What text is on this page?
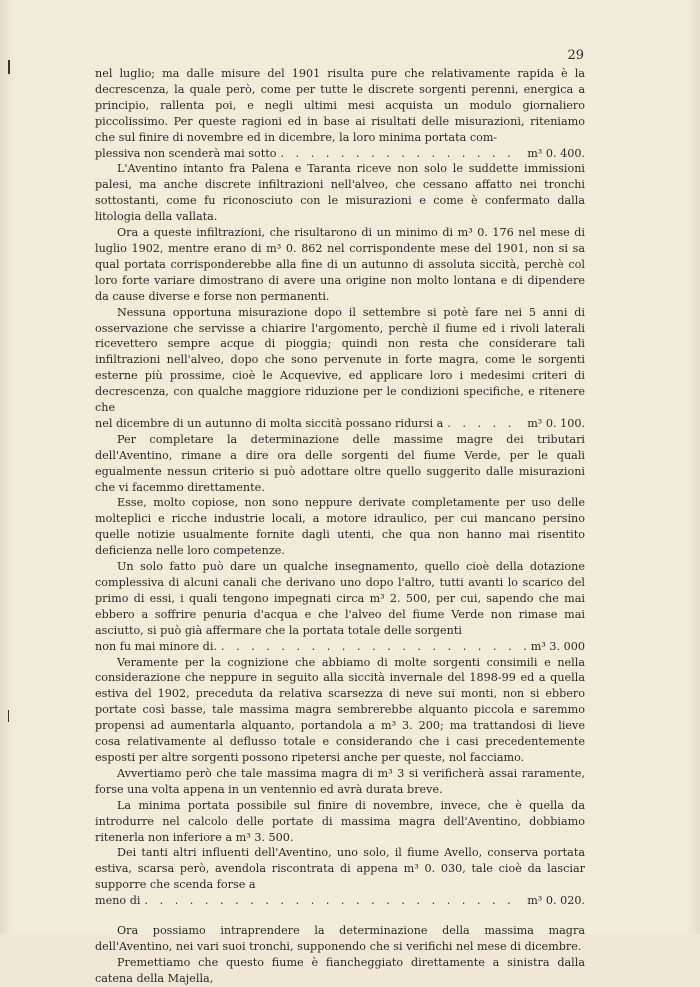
29

nel luglio; ma dalle misure del 1901 risulta pure che relativamente rapida è la decrescenza, la quale però, come per tutte le discrete sorgenti perenni, energica a principio, rallenta poi, e negli ultimi mesi acquista un modulo giornaliero piccolissimo. Per queste ragioni ed in base ai risultati delle misurazioni, riteniamo che sul finire di novembre ed in dicembre, la loro minima portata com-

plessiva non scenderà mai sotto . . .	m³ 0. 400.

L'Aventino intanto fra Palena e Taranta riceve non solo le suddette immissioni palesi, ma anche discrete infiltrazioni nell'alveo, che cessano affatto nei tronchi sottostanti, come fu riconosciuto con le misurazioni e come è confermato dalla litologia della vallata.

Ora a queste infiltrazioni, che risultarono di un minimo di m³ 0. 176 nel mese di luglio 1902, mentre erano di m³ 0. 862 nel corrispondente mese del 1901, non si sa qual portata corrisponderebbe alla fine di un autunno di assoluta siccità, perchè col loro forte variare dimostrano di avere una origine non molto lontana e di dipendere da cause diverse e forse non permanenti.

Nessuna opportuna misurazione dopo il settembre si potè fare nei 5 anni di osservazione che servisse a chiarire l'argomento, perchè il fiume ed i rivoli laterali ricevettero sempre acque di pioggia; quindi non resta che considerare tali infiltrazioni nell'alveo, dopo che sono pervenute in forte magra, come le sorgenti esterne più prossime, cioè le Acquevive, ed applicare loro i medesimi criteri di decrescenza, con qualche maggiore riduzione per le condizioni specifiche, e ritenere che

nel dicembre di un autunno di molta siccità possano ridursi a . . .	m³ 0. 100.

Per completare la determinazione delle massime magre dei tributari dell'Aventino, rimane a dire ora delle sorgenti del fiume Verde, per le quali egualmente nessun criterio si può adottare oltre quello suggerito dalle misurazioni che vi facemmo direttamente.

Esse, molto copiose, non sono neppure derivate completamente per uso delle molteplici e ricche industrie locali, a motore idraulico, per cui mancano persino quelle notizie usualmente fornite dagli utenti, che qua non hanno mai risentito deficienza nelle loro competenze.

Un solo fatto può dare un qualche insegnamento, quello cioè della dotazione complessiva di alcuni canali che derivano uno dopo l'altro, tutti avanti lo scarico del primo di essi, i quali tengono impegnati circa m³ 2. 500, per cui, sapendo che mai ebbero a soffrire penuria d'acqua e che l'alveo del fiume Verde non rimase mai asciutto, si può già affermare che la portata totale delle sorgenti

non fu mai minore di. . . .	m³ 3. 000

Veramente per la cognizione che abbiamo di molte sorgenti consimili e nella considerazione che neppure in seguito alla siccità invernale del 1898-99 ed a quella estiva del 1902, preceduta da relativa scarsezza di neve sui monti, non si ebbero portate così basse, tale massima magra sembrerebbe alquanto piccola e saremmo propensi ad aumentarla alquanto, portandola a m³ 3. 200; ma trattandosi di lieve cosa relativamente al deflusso totale e considerando che i casi precedentemente esposti per altre sorgenti possono ripetersi anche per queste, nol facciamo.

Avvertiamo però che tale massima magra di m³ 3 si verificherà assai raramente, forse una volta appena in un ventennio ed avrà durata breve.

La minima portata possibile sul finire di novembre, invece, che è quella da introdurre nel calcolo delle portate di massima magra dell'Aventino, dobbiamo ritenerla non inferiore a m³ 3. 500.

Dei tanti altri influenti dell'Aventino, uno solo, il fiume Avello, conserva portata estiva, scarsa però, avendola riscontrata di appena m³ 0. 030, tale cioè da lasciar supporre che scenda forse a

meno di . . .	m³ 0. 020.

Ora possiamo intraprendere la determinazione della massima magra dell'Aventino, nei vari suoi tronchi, supponendo che si verifichi nel mese di dicembre.

Premettiamo che questo fiume è fiancheggiato direttamente a sinistra dalla catena della Majella,
